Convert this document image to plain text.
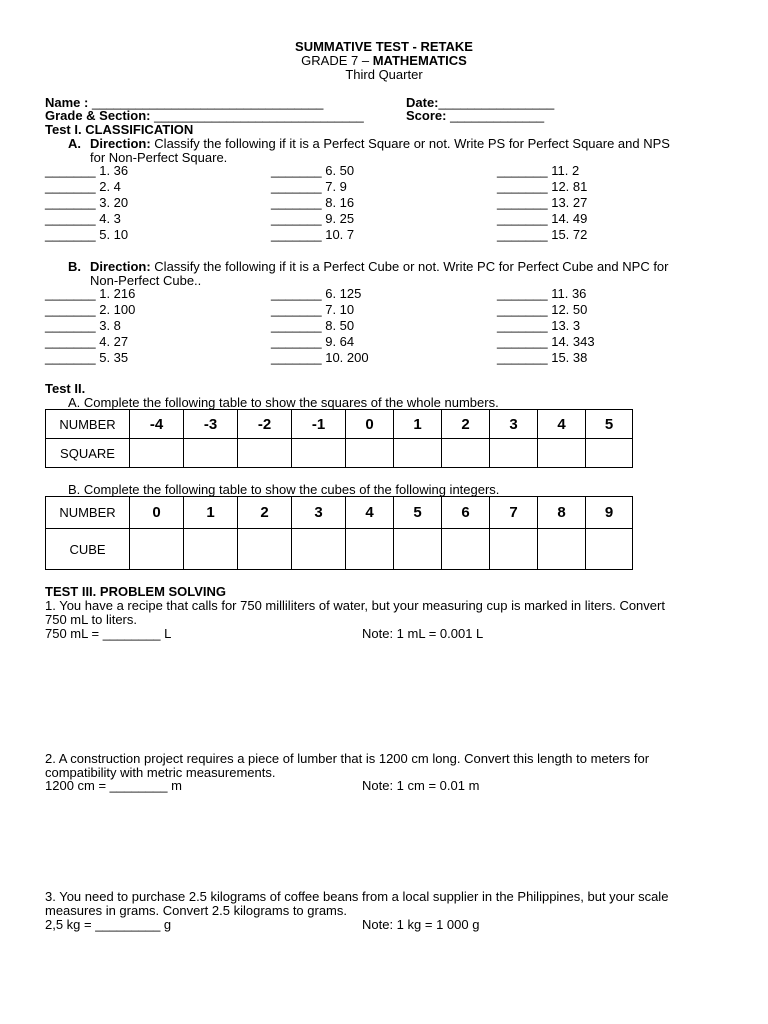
SUMMATIVE TEST - RETAKE
GRADE 7 – MATHEMATICS
Third Quarter
Name : ________________________________	Date:________________
Grade & Section: _____________________________	Score: _____________
Test I. CLASSIFICATION
A. Direction: Classify the following if it is a Perfect Square or not. Write PS for Perfect Square and NPS
for Non-Perfect Square.
_______ 1. 36	_______ 6. 50	_______ 11. 2
_______ 2. 4	_______ 7. 9	_______ 12. 81
_______ 3. 20	_______ 8. 16	_______ 13. 27
_______ 4. 3	_______ 9. 25	_______ 14. 49
_______ 5. 10	_______ 10. 7	_______ 15. 72
B. Direction: Classify the following if it is a Perfect Cube or not. Write PC for Perfect Cube and NPC for
Non-Perfect Cube..
_______ 1. 216	_______ 6. 125	_______ 11. 36
_______ 2. 100	_______ 7. 10	_______ 12. 50
_______ 3. 8	_______ 8. 50	_______ 13. 3
_______ 4. 27	_______ 9. 64	_______ 14. 343
_______ 5. 35	_______ 10. 200	_______ 15. 38
Test II.
A. Complete the following table to show the squares of the whole numbers.
NUMBER	-4	-3	-2	-1	0	1	2	3	4	5
SQUARE										
B. Complete the following table to show the cubes of the following integers.
NUMBER	0	1	2	3	4	5	6	7	8	9
CUBE										
TEST III. PROBLEM SOLVING
1. You have a recipe that calls for 750 milliliters of water, but your measuring cup is marked in liters. Convert
750 mL to liters.
750 mL = ________ L	Note: 1 mL = 0.001 L
2. A construction project requires a piece of lumber that is 1200 cm long. Convert this length to meters for
compatibility with metric measurements.
1200 cm = ________ m	Note: 1 cm = 0.01 m
3. You need to purchase 2.5 kilograms of coffee beans from a local supplier in the Philippines, but your scale
measures in grams. Convert 2.5 kilograms to grams.
2,5 kg = _________ g	Note: 1 kg = 1 000 g
